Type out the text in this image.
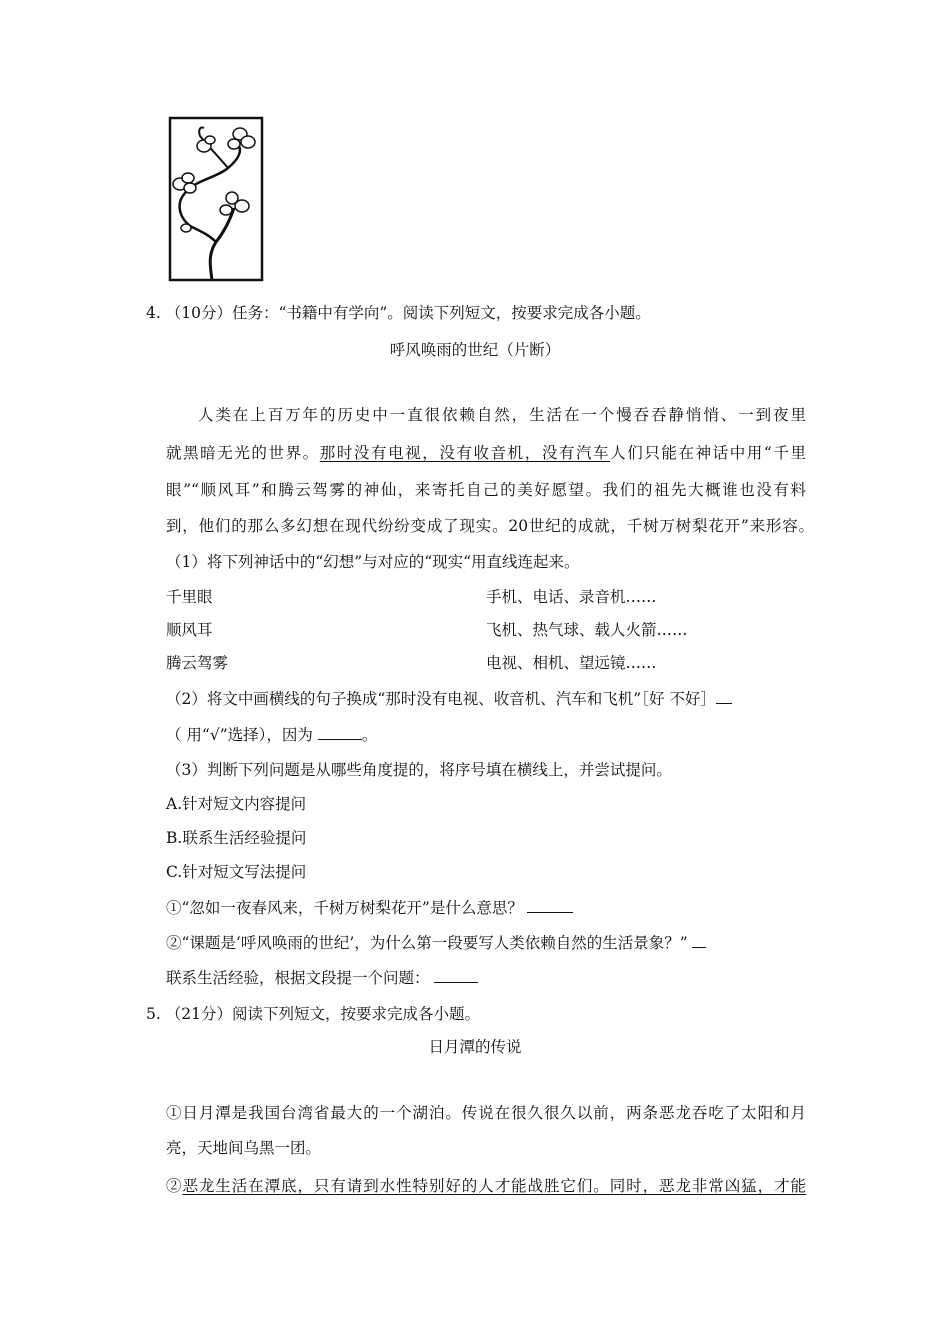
4. （10分）任务：“书籍中有学向”。阅读下列短文，按要求完成各小题。
呼风唤雨的世纪（片断）
人类在上百万年的历史中一直很依赖自然，生活在一个慢吞吞静悄悄、一到夜里
就黑暗无光的世界。那时没有电视，没有收音机，没有汽车人们只能在神话中用“千里
眼”“顺风耳”和腾云驾雾的神仙，来寄托自己的美好愿望。我们的祖先大概谁也没有料
到，他们的那么多幻想在现代纷纷变成了现实。20世纪的成就，千树万树梨花开”来形容。
（1）将下列神话中的“幻想”与对应的“现实“用直线连起来。
千里眼
顺风耳
腾云驾雾
手机、电话、录音机……
飞机、热气球、载人火箭……
电视、相机、望远镜……
（2）将文中画横线的句子换成“那时没有电视、收音机、汽车和飞机”［好 不好］
（ 用“√”选择），因为	。
（3）判断下列问题是从哪些角度提的，将序号填在横线上，并尝试提问。
A.针对短文内容提问
B.联系生活经验提问
C.针对短文写法提问
①“忽如一夜春风来，千树万树梨花开”是什么意思？
②“课题是‘呼风唤雨的世纪’，为什么第一段要写人类依赖自然的生活景象？”
联系生活经验，根据文段提一个问题：
5. （21分）阅读下列短文，按要求完成各小题。
日月潭的传说
①日月潭是我国台湾省最大的一个湖泊。传说在很久很久以前，两条恶龙吞吃了太阳和月
亮，天地间乌黑一团。
②恶龙生活在潭底，只有请到水性特别好的人才能战胜它们。同时，恶龙非常凶猛，才能
